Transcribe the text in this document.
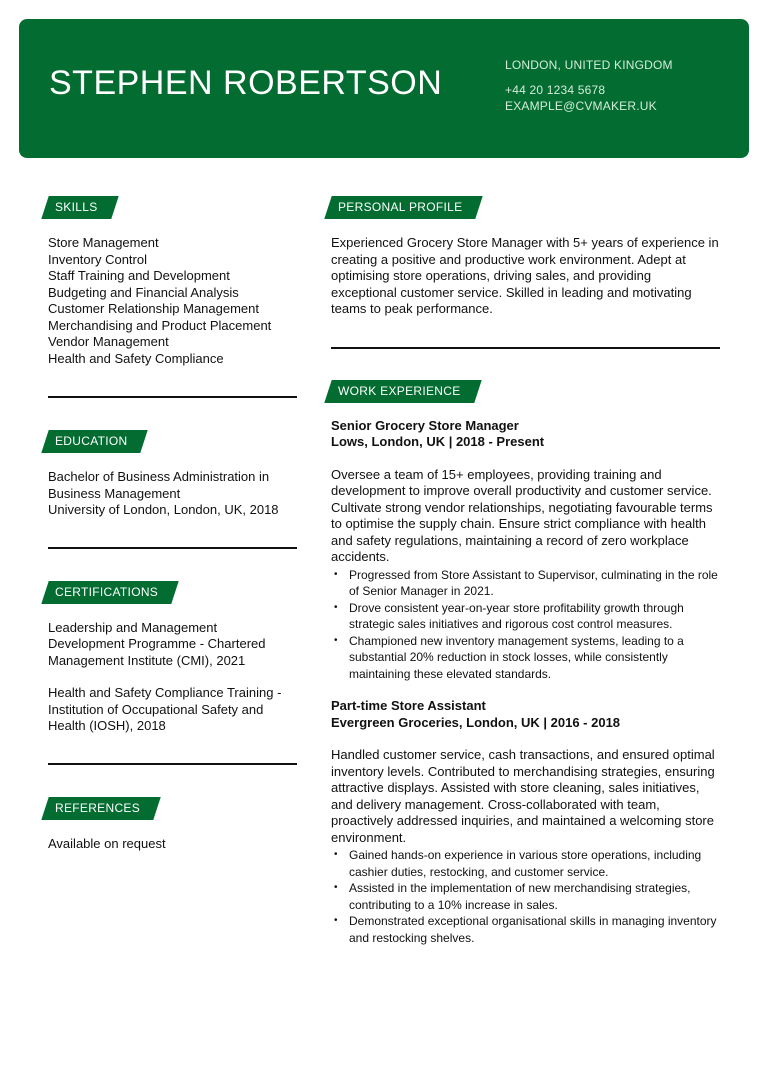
STEPHEN ROBERTSON	LONDON, UNITED KINGDOM
+44 20 1234 5678
EXAMPLE@CVMAKER.UK
SKILLS
Store Management
Inventory Control
Staff Training and Development
Budgeting and Financial Analysis
Customer Relationship Management
Merchandising and Product Placement
Vendor Management
Health and Safety Compliance
EDUCATION
Bachelor of Business Administration in Business Management
University of London, London, UK, 2018
CERTIFICATIONS
Leadership and Management Development Programme - Chartered Management Institute (CMI), 2021
Health and Safety Compliance Training - Institution of Occupational Safety and Health (IOSH), 2018
REFERENCES
Available on request
PERSONAL PROFILE
Experienced Grocery Store Manager with 5+ years of experience in creating a positive and productive work environment. Adept at optimising store operations, driving sales, and providing exceptional customer service. Skilled in leading and motivating teams to peak performance.
WORK EXPERIENCE
Senior Grocery Store Manager
Lows, London, UK | 2018 - Present
Oversee a team of 15+ employees, providing training and development to improve overall productivity and customer service. Cultivate strong vendor relationships, negotiating favourable terms to optimise the supply chain. Ensure strict compliance with health and safety regulations, maintaining a record of zero workplace accidents.
• Progressed from Store Assistant to Supervisor, culminating in the role of Senior Manager in 2021.
• Drove consistent year-on-year store profitability growth through strategic sales initiatives and rigorous cost control measures.
• Championed new inventory management systems, leading to a substantial 20% reduction in stock losses, while consistently maintaining these elevated standards.
Part-time Store Assistant
Evergreen Groceries, London, UK | 2016 - 2018
Handled customer service, cash transactions, and ensured optimal inventory levels. Contributed to merchandising strategies, ensuring attractive displays. Assisted with store cleaning, sales initiatives, and delivery management. Cross-collaborated with team, proactively addressed inquiries, and maintained a welcoming store environment.
• Gained hands-on experience in various store operations, including cashier duties, restocking, and customer service.
• Assisted in the implementation of new merchandising strategies, contributing to a 10% increase in sales.
• Demonstrated exceptional organisational skills in managing inventory and restocking shelves.
